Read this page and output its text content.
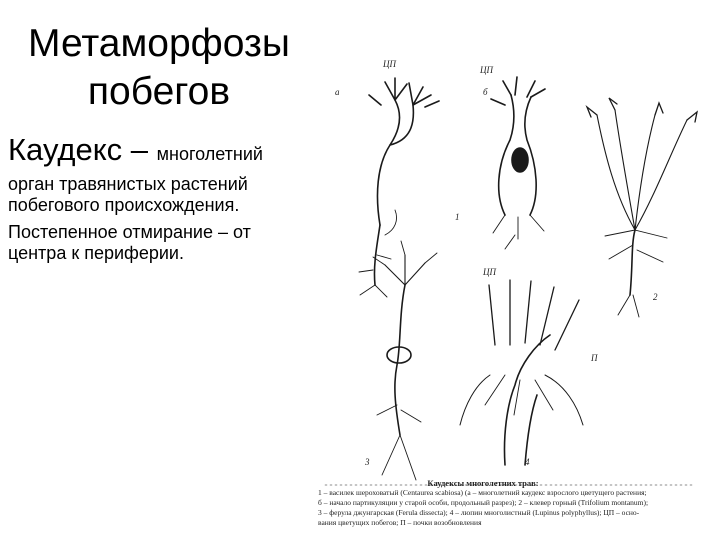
Метаморфозы
побегов
Каудекс – многолетний

орган травянистых растений побегового происхождения.

Постепенное отмирание – от центра к периферии.

а	б
ЦП
ЦП
ЦП
1
2
3	4
П
Каудексы многолетних трав:
1 – василек шероховатый (Centaurea scabiosa) (а – многолетний каудекс взрослого цветущего растения;
б – начало партикуляции у старой особи, продольный разрез); 2 – клевер горный (Trifolium montanum);
3 – ферула джунгарская (Ferula dissecta); 4 – люпин многолистный (Lupinus polyphyllus); ЦП – осно-
вания цветущих побегов; П – почки возобновления
